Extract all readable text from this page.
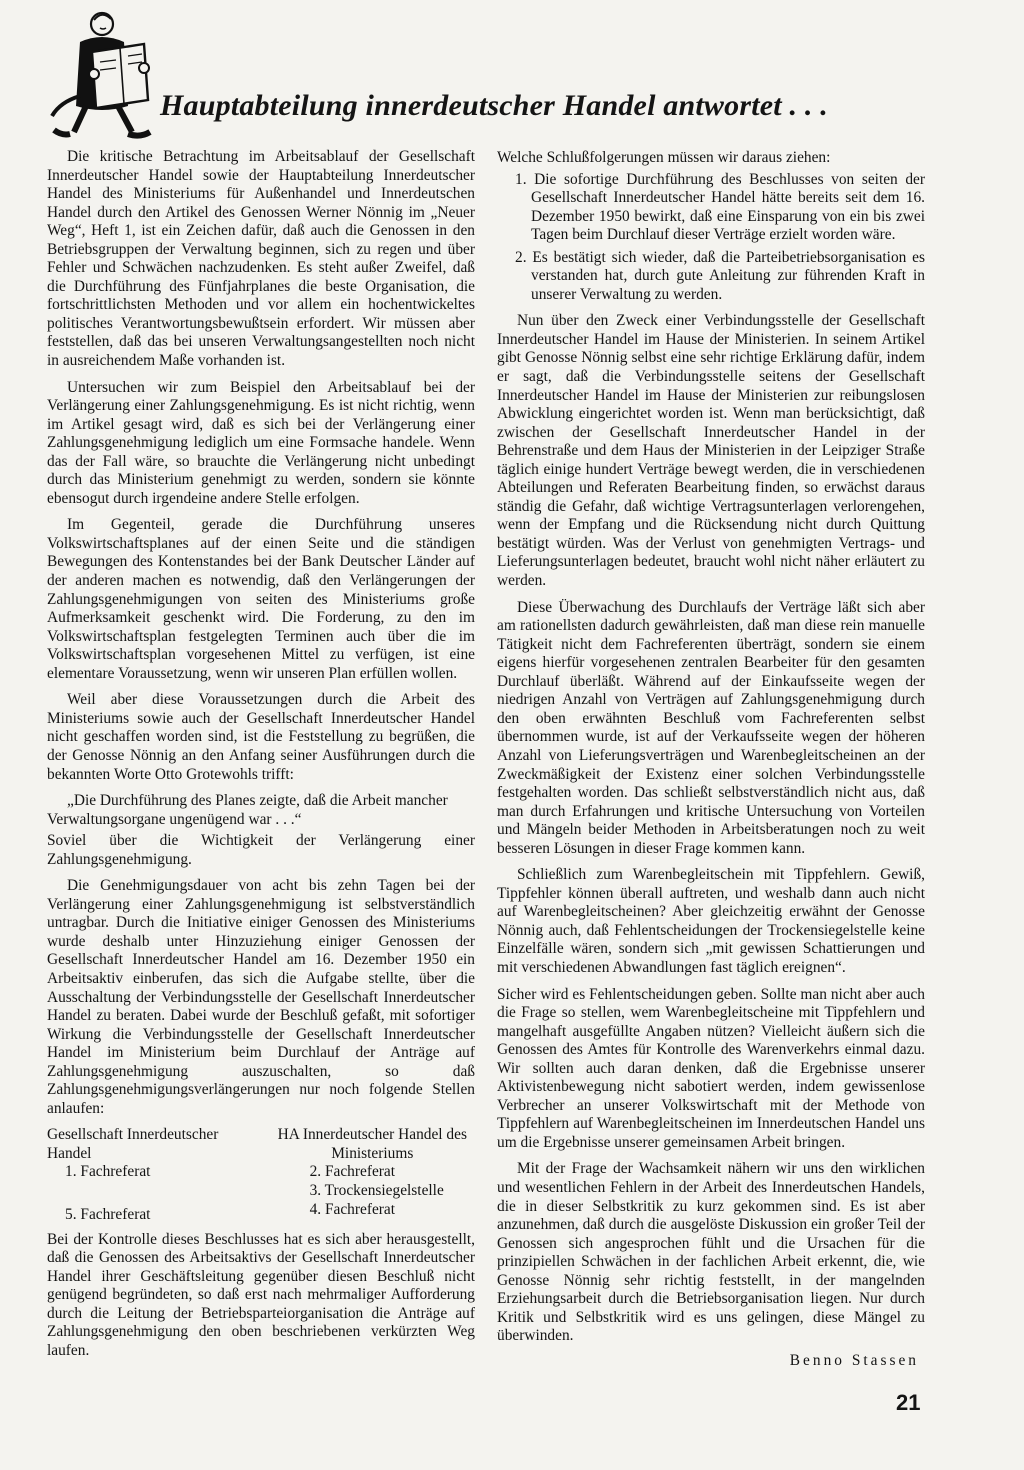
Hauptabteilung innerdeutscher Handel antwortet . . .

Die kritische Betrachtung im Arbeitsablauf der Gesellschaft Innerdeutscher Handel sowie der Hauptabteilung Innerdeutscher Handel des Ministeriums für Außenhandel und Innerdeutschen Handel durch den Artikel des Genossen Werner Nönnig im „Neuer Weg“, Heft 1, ist ein Zeichen dafür, daß auch die Genossen in den Betriebsgruppen der Verwaltung beginnen, sich zu regen und über Fehler und Schwächen nachzudenken. Es steht außer Zweifel, daß die Durchführung des Fünfjahrplanes die beste Organisation, die fortschrittlichsten Methoden und vor allem ein hochentwickeltes politisches Verantwortungsbewußtsein erfordert. Wir müssen aber feststellen, daß das bei unseren Verwaltungsangestellten noch nicht in ausreichendem Maße vorhanden ist.

Untersuchen wir zum Beispiel den Arbeitsablauf bei der Verlängerung einer Zahlungsgenehmigung. Es ist nicht richtig, wenn im Artikel gesagt wird, daß es sich bei der Verlängerung einer Zahlungsgenehmigung lediglich um eine Formsache handele. Wenn das der Fall wäre, so brauchte die Verlängerung nicht unbedingt durch das Ministerium genehmigt zu werden, sondern sie könnte ebensogut durch irgendeine andere Stelle erfolgen.

Im Gegenteil, gerade die Durchführung unseres Volkswirtschaftsplanes auf der einen Seite und die ständigen Bewegungen des Kontenstandes bei der Bank Deutscher Länder auf der anderen machen es notwendig, daß den Verlängerungen der Zahlungsgenehmigungen von seiten des Ministeriums große Aufmerksamkeit geschenkt wird. Die Forderung, zu den im Volkswirtschaftsplan festgelegten Terminen auch über die im Volkswirtschaftsplan vorgesehenen Mittel zu verfügen, ist eine elementare Voraussetzung, wenn wir unseren Plan erfüllen wollen.

Weil aber diese Voraussetzungen durch die Arbeit des Ministeriums sowie auch der Gesellschaft Innerdeutscher Handel nicht geschaffen worden sind, ist die Feststellung zu begrüßen, die der Genosse Nönnig an den Anfang seiner Ausführungen durch die bekannten Worte Otto Grotewohls trifft:

„Die Durchführung des Planes zeigte, daß die Arbeit mancher Verwaltungsorgane ungenügend war . . .“

Soviel über die Wichtigkeit der Verlängerung einer Zahlungsgenehmigung.

Die Genehmigungsdauer von acht bis zehn Tagen bei der Verlängerung einer Zahlungsgenehmigung ist selbstverständlich untragbar. Durch die Initiative einiger Genossen des Ministeriums wurde deshalb unter Hinzuziehung einiger Genossen der Gesellschaft Innerdeutscher Handel am 16. Dezember 1950 ein Arbeitsaktiv einberufen, das sich die Aufgabe stellte, über die Ausschaltung der Verbindungsstelle der Gesellschaft Innerdeutscher Handel zu beraten. Dabei wurde der Beschluß gefaßt, mit sofortiger Wirkung die Verbindungsstelle der Gesellschaft Innerdeutscher Handel im Ministerium beim Durchlauf der Anträge auf Zahlungsgenehmigung auszuschalten, so daß Zahlungsgenehmigungsverlängerungen nur noch folgende Stellen anlaufen:

Gesellschaft Innerdeutscher Handel
1. Fachreferat
5. Fachreferat
HA Innerdeutscher Handel des Ministeriums
2. Fachreferat
3. Trockensiegelstelle
4. Fachreferat

Bei der Kontrolle dieses Beschlusses hat es sich aber herausgestellt, daß die Genossen des Arbeitsaktivs der Gesellschaft Innerdeutscher Handel ihrer Geschäftsleitung gegenüber diesen Beschluß nicht genügend begründeten, so daß erst nach mehrmaliger Aufforderung durch die Leitung der Betriebsparteiorganisation die Anträge auf Zahlungsgenehmigung den oben beschriebenen verkürzten Weg laufen.

Welche Schlußfolgerungen müssen wir daraus ziehen:

1. Die sofortige Durchführung des Beschlusses von seiten der Gesellschaft Innerdeutscher Handel hätte bereits seit dem 16. Dezember 1950 bewirkt, daß eine Einsparung von ein bis zwei Tagen beim Durchlauf dieser Verträge erzielt worden wäre.
2. Es bestätigt sich wieder, daß die Parteibetriebsorganisation es verstanden hat, durch gute Anleitung zur führenden Kraft in unserer Verwaltung zu werden.

Nun über den Zweck einer Verbindungsstelle der Gesellschaft Innerdeutscher Handel im Hause der Ministerien. In seinem Artikel gibt Genosse Nönnig selbst eine sehr richtige Erklärung dafür, indem er sagt, daß die Verbindungsstelle seitens der Gesellschaft Innerdeutscher Handel im Hause der Ministerien zur reibungslosen Abwicklung eingerichtet worden ist. Wenn man berücksichtigt, daß zwischen der Gesellschaft Innerdeutscher Handel in der Behrenstraße und dem Haus der Ministerien in der Leipziger Straße täglich einige hundert Verträge bewegt werden, die in verschiedenen Abteilungen und Referaten Bearbeitung finden, so erwächst daraus ständig die Gefahr, daß wichtige Vertragsunterlagen verlorengehen, wenn der Empfang und die Rücksendung nicht durch Quittung bestätigt würden. Was der Verlust von genehmigten Vertrags- und Lieferungsunterlagen bedeutet, braucht wohl nicht näher erläutert zu werden.

Diese Überwachung des Durchlaufs der Verträge läßt sich aber am rationellsten dadurch gewährleisten, daß man diese rein manuelle Tätigkeit nicht dem Fachreferenten überträgt, sondern sie einem eigens hierfür vorgesehenen zentralen Bearbeiter für den gesamten Durchlauf überläßt. Während auf der Einkaufsseite wegen der niedrigen Anzahl von Verträgen auf Zahlungsgenehmigung durch den oben erwähnten Beschluß vom Fachreferenten selbst übernommen wurde, ist auf der Verkaufsseite wegen der höheren Anzahl von Lieferungsverträgen und Warenbegleitscheinen an der Zweckmäßigkeit der Existenz einer solchen Verbindungsstelle festgehalten worden. Das schließt selbstverständlich nicht aus, daß man durch Erfahrungen und kritische Untersuchung von Vorteilen und Mängeln beider Methoden in Arbeitsberatungen noch zu weit besseren Lösungen in dieser Frage kommen kann.

Schließlich zum Warenbegleitschein mit Tippfehlern. Gewiß, Tippfehler können überall auftreten, und weshalb dann auch nicht auf Warenbegleitscheinen? Aber gleichzeitig erwähnt der Genosse Nönnig auch, daß Fehlentscheidungen der Trockensiegelstelle keine Einzelfälle wären, sondern sich „mit gewissen Schattierungen und mit verschiedenen Abwandlungen fast täglich ereignen“.

Sicher wird es Fehlentscheidungen geben. Sollte man nicht aber auch die Frage so stellen, wem Warenbegleitscheine mit Tippfehlern und mangelhaft ausgefüllte Angaben nützen? Vielleicht äußern sich die Genossen des Amtes für Kontrolle des Warenverkehrs einmal dazu. Wir sollten auch daran denken, daß die Ergebnisse unserer Aktivistenbewegung nicht sabotiert werden, indem gewissenlose Verbrecher an unserer Volkswirtschaft mit der Methode von Tippfehlern auf Warenbegleitscheinen im Innerdeutschen Handel uns um die Ergebnisse unserer gemeinsamen Arbeit bringen.

Mit der Frage der Wachsamkeit nähern wir uns den wirklichen und wesentlichen Fehlern in der Arbeit des Innerdeutschen Handels, die in dieser Selbstkritik zu kurz gekommen sind. Es ist aber anzunehmen, daß durch die ausgelöste Diskussion ein großer Teil der Genossen sich angesprochen fühlt und die Ursachen für die prinzipiellen Schwächen in der fachlichen Arbeit erkennt, die, wie Genosse Nönnig sehr richtig feststellt, in der mangelnden Erziehungsarbeit durch die Betriebsorganisation liegen. Nur durch Kritik und Selbstkritik wird es uns gelingen, diese Mängel zu überwinden.

Benno Stassen
21
